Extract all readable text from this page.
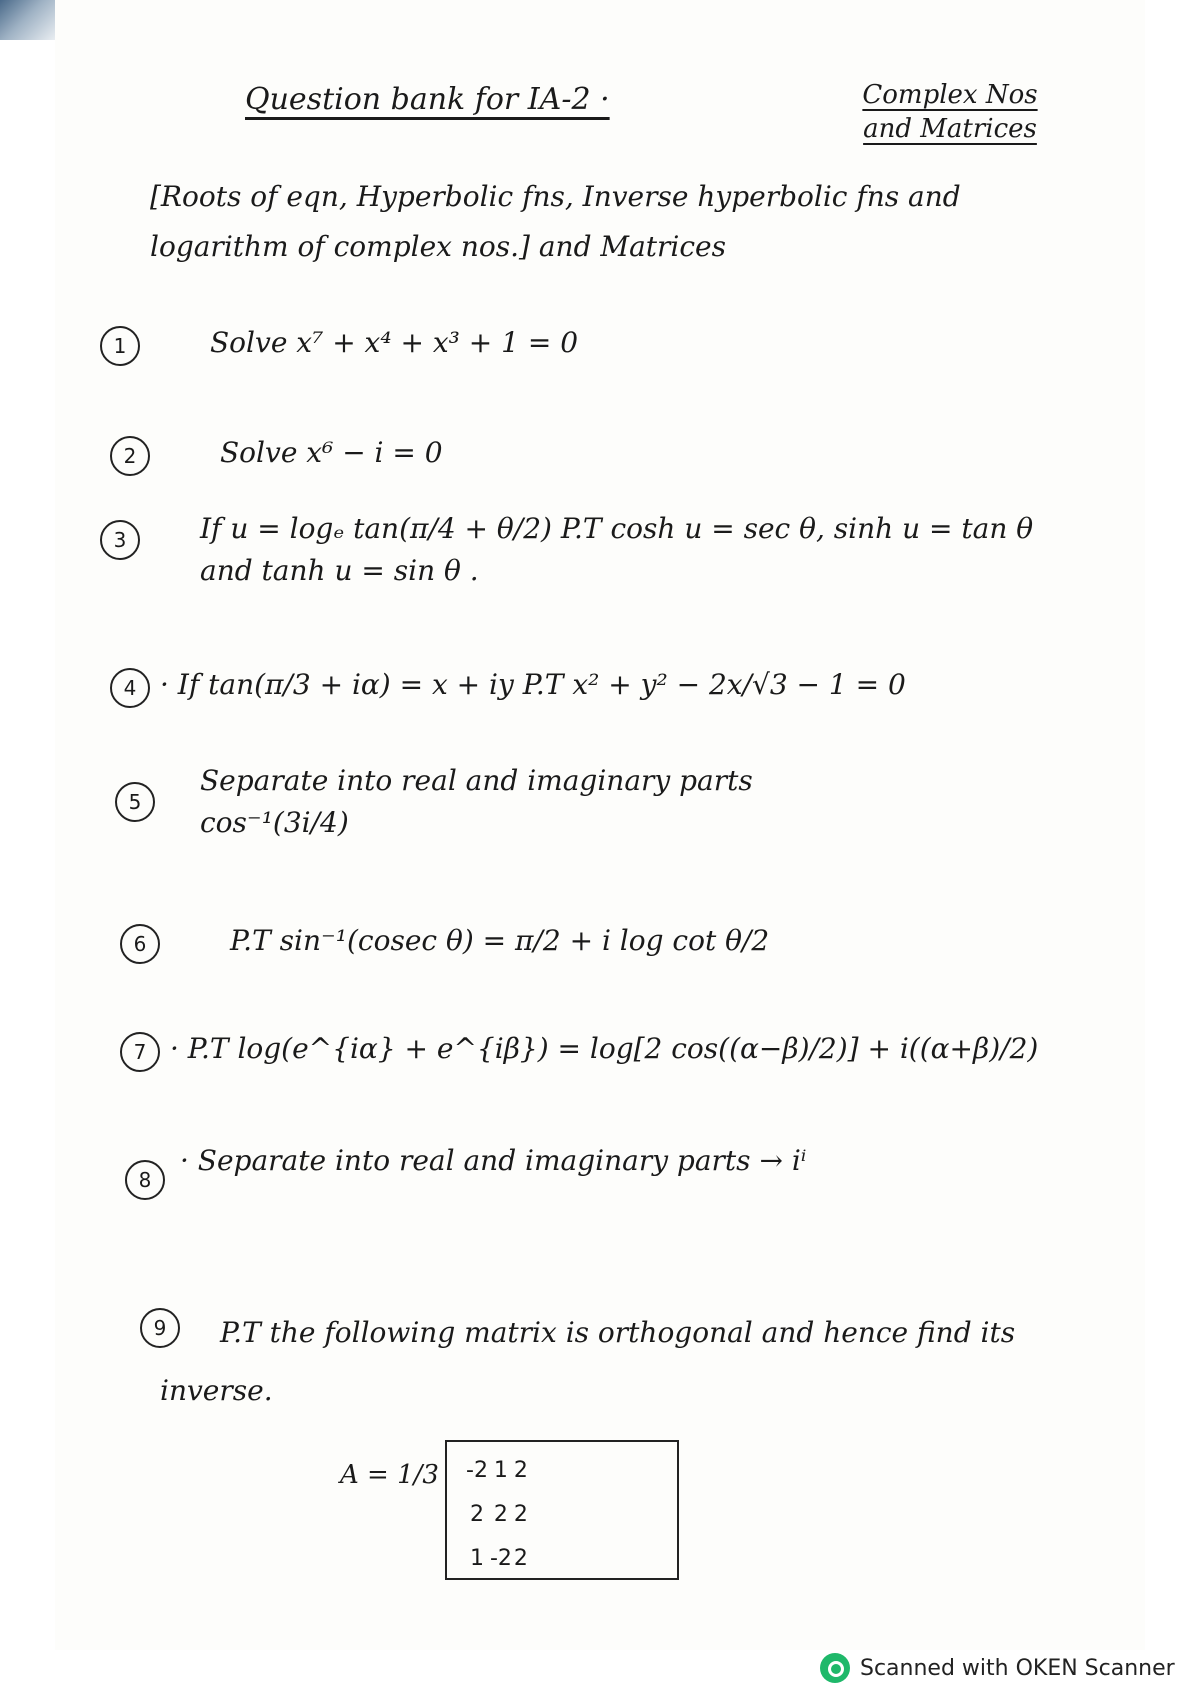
Question bank for IA-2 ·	Complex Nos and Matrices
[Roots of eqn, Hyperbolic fns, Inverse hyperbolic fns and logarithm of complex nos.] and Matrices
1	Solve x⁷ + x⁴ + x³ + 1 = 0
2	Solve x⁶ − i = 0
3	If u = logₑ tan(π/4 + θ/2) P.T cosh u = sec θ, sinh u = tan θ and tanh u = sin θ .
4 · If tan(π/3 + iα) = x + iy P.T x² + y² − 2x/√3 − 1 = 0
5
Separate into real and imaginary parts cos⁻¹(3i/4)
6	P.T sin⁻¹(cosec θ) = π/2 + i log cot θ/2
7 · P.T log(e^{iα} + e^{iβ}) = log[2 cos((α−β)/2)] + i((α+β)/2)
8
· Separate into real and imaginary parts → iⁱ
9	P.T the following matrix is orthogonal and hence find its inverse.
A = 1/3 -2	1	2
2	2	2
1	-2	2
Scanned with OKEN Scanner
